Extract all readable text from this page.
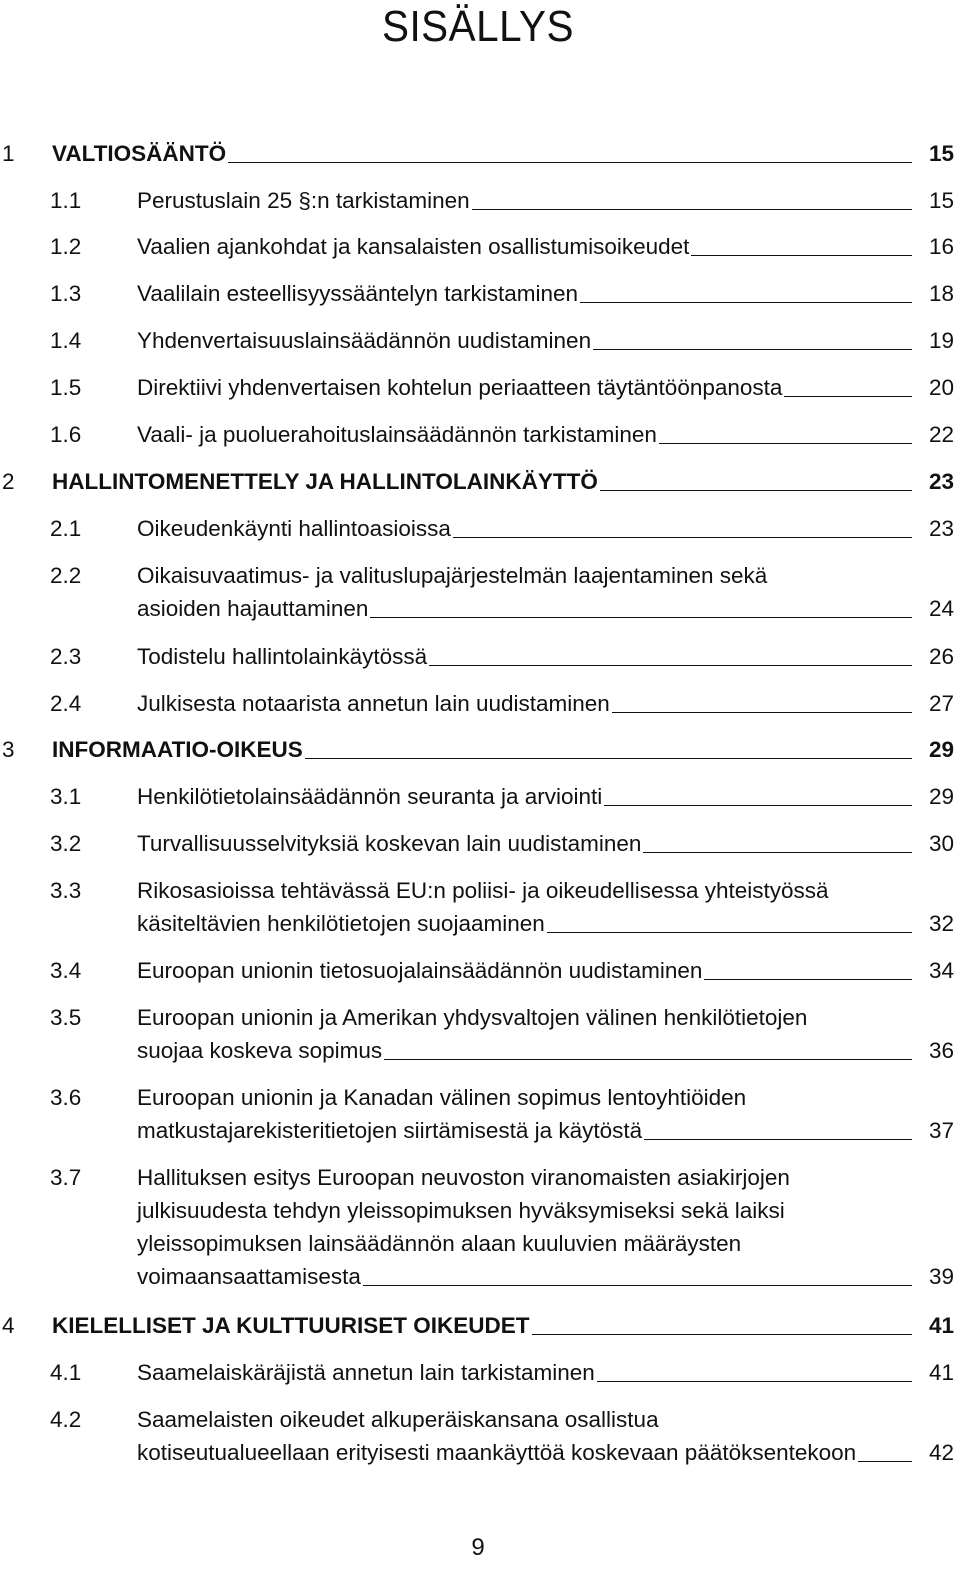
SISÄLLYS
1 VALTIOSÄÄNTÖ	15
1.1 Perustuslain 25 §:n tarkistaminen	15
1.2 Vaalien ajankohdat ja kansalaisten osallistumisoikeudet	16
1.3 Vaalilain esteellisyyssääntelyn tarkistaminen	18
1.4 Yhdenvertaisuuslainsäädännön uudistaminen	19
1.5 Direktiivi yhdenvertaisen kohtelun periaatteen täytäntöönpanosta	20
1.6 Vaali- ja puoluerahoituslainsäädännön tarkistaminen	22
2 HALLINTOMENETTELY JA HALLINTOLAINKÄYTTÖ	23
2.1 Oikeudenkäynti hallintoasioissa	23
2.2 Oikaisuvaatimus- ja valituslupajärjestelmän laajentaminen sekä
asioiden hajauttaminen	24
2.3 Todistelu hallintolainkäytössä	26
2.4 Julkisesta notaarista annetun lain uudistaminen	27
3 INFORMAATIO-OIKEUS	29
3.1 Henkilötietolainsäädännön seuranta ja arviointi	29
3.2 Turvallisuusselvityksiä koskevan lain uudistaminen	30
3.3 Rikosasioissa tehtävässä EU:n poliisi- ja oikeudellisessa yhteistyössä
käsiteltävien henkilötietojen suojaaminen	32
3.4 Euroopan unionin tietosuojalainsäädännön uudistaminen	34
3.5 Euroopan unionin ja Amerikan yhdysvaltojen välinen henkilötietojen
suojaa koskeva sopimus	36
3.6 Euroopan unionin ja Kanadan välinen sopimus lentoyhtiöiden
matkustajarekisteritietojen siirtämisestä ja käytöstä	37
3.7 Hallituksen esitys Euroopan neuvoston viranomaisten asiakirjojen
julkisuudesta tehdyn yleissopimuksen hyväksymiseksi sekä laiksi
yleissopimuksen lainsäädännön alaan kuuluvien määräysten
voimaansaattamisesta	39
4 KIELELLISET JA KULTTUURISET OIKEUDET	41
4.1 Saamelaiskäräjistä annetun lain tarkistaminen	41
4.2 Saamelaisten oikeudet alkuperäiskansana osallistua
kotiseutualueellaan erityisesti maankäyttöä koskevaan päätöksentekoon	42
9
